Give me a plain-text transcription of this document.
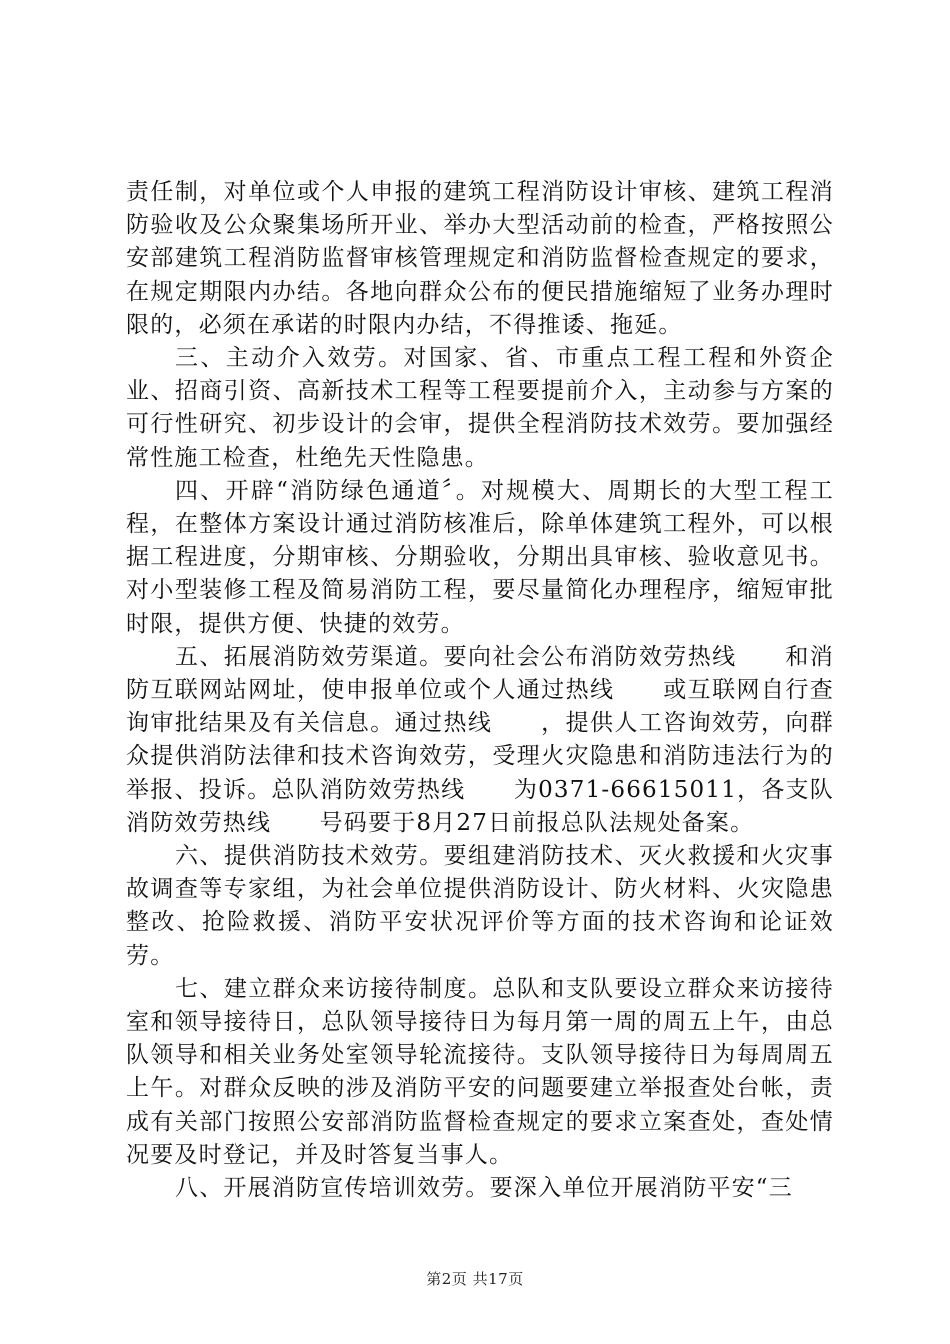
责任制，对单位或个人申报的建筑工程消防设计审核、建筑工程消防验收及公众聚集场所开业、举办大型活动前的检查，严格按照公安部建筑工程消防监督审核管理规定和消防监督检查规定的要求，在规定期限内办结。各地向群众公布的便民措施缩短了业务办理时限的，必须在承诺的时限内办结，不得推诿、拖延。

三、主动介入效劳。对国家、省、市重点工程工程和外资企业、招商引资、高新技术工程等工程要提前介入，主动参与方案的可行性研究、初步设计的会审，提供全程消防技术效劳。要加强经常性施工检查，杜绝先天性隐患。

四、开辟“消防绿色通道〞。对规模大、周期长的大型工程工程，在整体方案设计通过消防核准后，除单体建筑工程外，可以根据工程进度，分期审核、分期验收，分期出具审核、验收意见书。对小型装修工程及简易消防工程，要尽量简化办理程序，缩短审批时限，提供方便、快捷的效劳。

五、拓展消防效劳渠道。要向社会公布消防效劳热线　　和消防互联网站网址，使申报单位或个人通过热线　　或互联网自行查询审批结果及有关信息。通过热线　　，提供人工咨询效劳，向群众提供消防法律和技术咨询效劳，受理火灾隐患和消防违法行为的举报、投诉。总队消防效劳热线　　为0371-66615011，各支队消防效劳热线　　号码要于8月27日前报总队法规处备案。

六、提供消防技术效劳。要组建消防技术、灭火救援和火灾事故调查等专家组，为社会单位提供消防设计、防火材料、火灾隐患整改、抢险救援、消防平安状况评价等方面的技术咨询和论证效劳。

七、建立群众来访接待制度。总队和支队要设立群众来访接待室和领导接待日，总队领导接待日为每月第一周的周五上午，由总队领导和相关业务处室领导轮流接待。支队领导接待日为每周周五上午。对群众反映的涉及消防平安的问题要建立举报查处台帐，责成有关部门按照公安部消防监督检查规定的要求立案查处，查处情况要及时登记，并及时答复当事人。

八、开展消防宣传培训效劳。要深入单位开展消防平安“三

第2页 共17页
